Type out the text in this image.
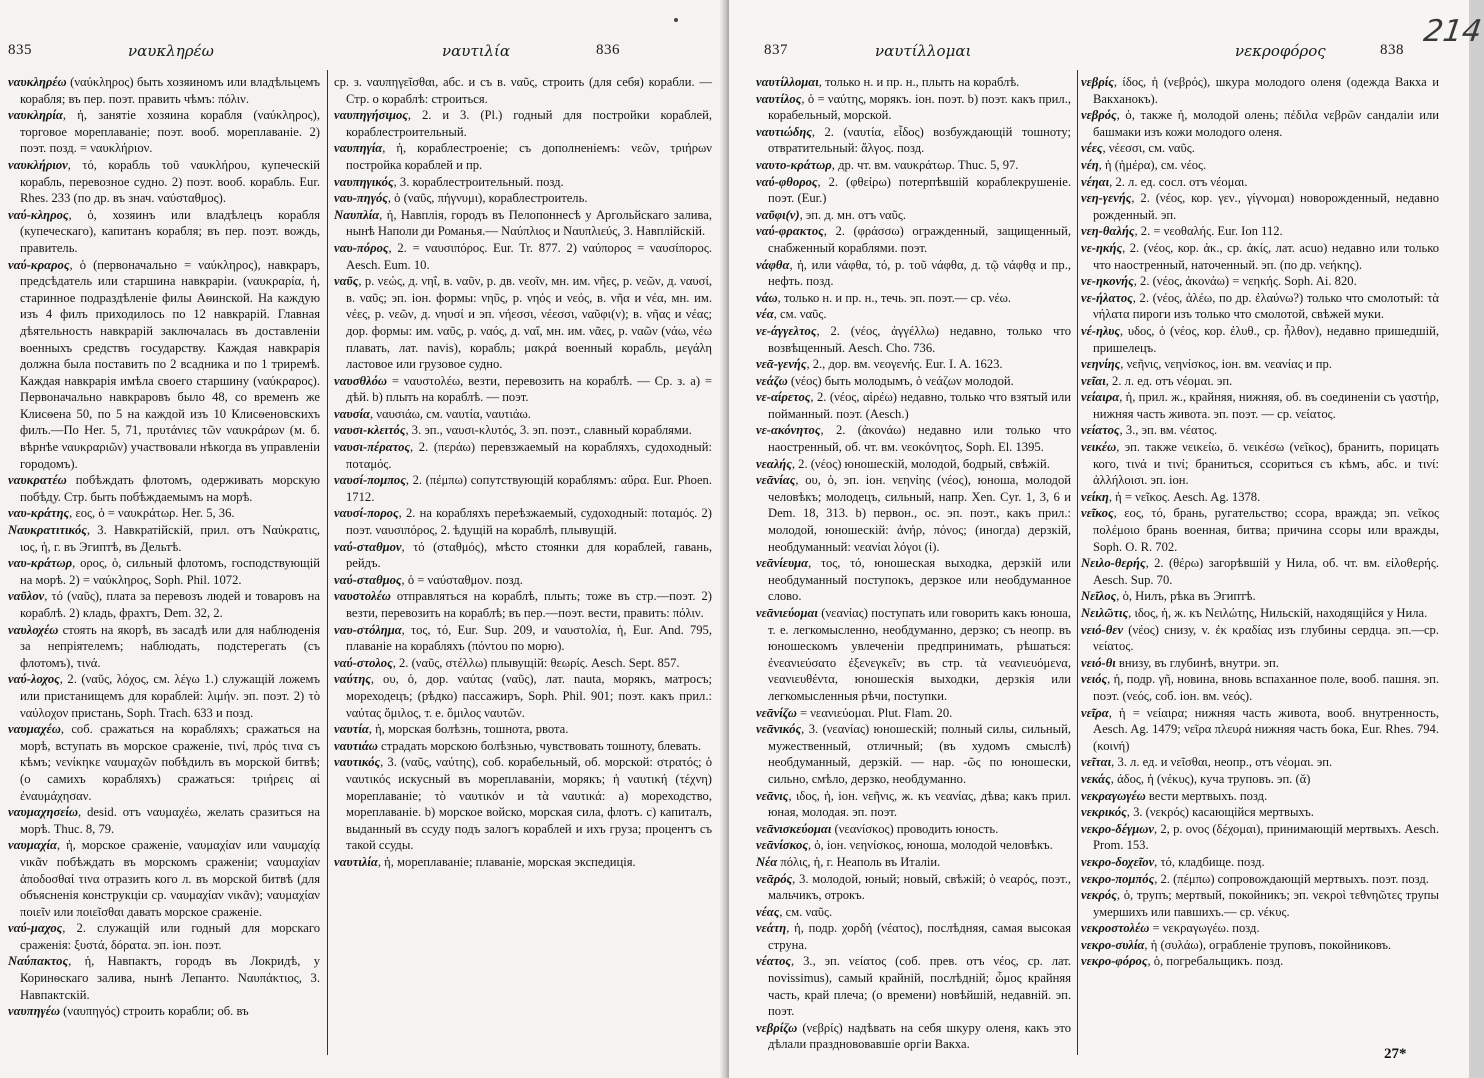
835	ναυκληρέω	ναυτιλία	836

ναυκληρέω (ναύκληρος) быть хозяиномъ или владѣльцемъ корабля; въ пер. поэт. править чѣмъ: πόλιν.

ναυκληρία, ἡ, занятіе хозяина корабля (ναύκληρος), торговое мореплаваніе; поэт. вооб. мореплаваніе. 2) поэт. позд. = ναυκλήριον.

ναυκλήριον, τό, корабль τοῦ ναυκλήρου, купеческій корабль, перевозное судно. 2) поэт. вооб. корабль. Eur. Rhes. 233 (по др. въ знач. ναύσταθμος).

ναύ-κληρος, ὁ, хозяинъ или владѣлецъ корабля (купеческаго), капитанъ корабля; въ пер. поэт. вождь, правитель.

ναύ-κραρος, ὁ (первоначально = ναύκληρος), навкраръ, предсѣдатель или старшина навкраріи. (ναυκραρία, ἡ, старинное подраздѣленіе филы Аѳинской. На каждую изъ 4 филъ приходилось по 12 навкрарій. Главная дѣятельность навкрарій заключалась въ доставленіи военныхъ средствъ государству. Каждая навкрарія должна была поставить по 2 всадника и по 1 триремѣ. Каждая навкрарія имѣла своего старшину (ναύκραρος). Первоначально навкраровъ было 48, со временъ же Клисѳена 50, по 5 на каждой изъ 10 Клисѳеновскихъ филъ.—По Her. 5, 71, πρυτάνιες τῶν ναυκράρων (м. б. вѣрнѣе ναυκραριῶν) участвовали нѣкогда въ управленіи городомъ).

ναυκρατέω побѣждать флотомъ, одерживать морскую побѣду. Стр. быть побѣждаемымъ на морѣ.

ναυ-κράτης, εος, ὁ = ναυκράτωρ. Her. 5, 36.

Ναυκρατιτικός, 3. Навкратійскій, прил. отъ Ναύκρατις, ιος, ἡ, г. въ Эгиптѣ, въ Дельтѣ.

ναυ-κράτωρ, ορος, ὁ, сильный флотомъ, господствующій на морѣ. 2) = ναύκληρος, Soph. Phil. 1072.

ναῦλον, τό (ναῦς), плата за перевозъ людей и товаровъ на кораблѣ. 2) кладь, фрахтъ, Dem. 32, 2.

ναυλοχέω стоять на якорѣ, въ засадѣ или для наблюденія за непріятелемъ; наблюдать, подстерегать (съ флотомъ), τινά.

ναύ-λοχος, 2. (ναῦς, λόχος, см. λέγω 1.) служащій ложемъ или пристанищемъ для кораблей: λιμήν. эп. поэт. 2) τὸ ναύλοχον пристань, Soph. Trach. 633 и позд.

ναυμαχέω, соб. сражаться на корабляхъ; сражаться на морѣ, вступать въ морское сраженіе, τινί, πρός τινα съ кѣмъ; νενίκηκε ναυμαχῶν побѣдилъ въ морской битвѣ; (о самихъ корабляхъ) сражаться: τριήρεις αἱ ἐναυμάχησαν.

ναυμαχησείω, desid. отъ ναυμαχέω, желать сразиться на морѣ. Thuc. 8, 79.

ναυμαχία, ἡ, морское сраженіе, ναυμαχίαν или ναυμαχίᾳ νικᾶν побѣждать въ морскомъ сраженіи; ναυμαχίαν ἀποδοσθαί τινα отразить кого л. въ морской битвѣ (для объясненія конструкціи ср. ναυμαχίαν νικᾶν); ναυμαχίαν ποιεῖν или ποιεῖσθαι давать морское сраженіе.

ναύ-μαχος, 2. служащій или годный для морскаго сраженія: ξυστά, δόρατα. эп. іон. поэт.

Ναύπακτος, ἡ, Навпактъ, городъ въ Локридѣ, у Коринѳскаго залива, нынѣ Лепанто. Ναυπάκτιος, 3. Навпактскій.

ναυπηγέω (ναυπηγός) строить корабли; об. въ

ср. з. ναυπηγεῖσθαι, абс. и съ в. ναῦς, строить (для себя) корабли. — Стр. о кораблѣ: строиться.

ναυπηγήσιμος, 2. и 3. (Pl.) годный для постройки кораблей, кораблестроительный.

ναυπηγία, ἡ, кораблестроеніе; съ дополненіемъ: νεῶν, τριήρων постройка кораблей и пр.

ναυπηγικός, 3. кораблестроительный. позд.

ναυ-πηγός, ὁ (ναῦς, πήγνυμι), кораблестроитель.

Ναυπλία, ἡ, Навплія, городъ въ Пелопоннесѣ у Аргольйскаго залива, нынѣ Наполи ди Романья.— Ναύπλιος и Ναυπλιεύς, 3. Навплійскій.

ναυ-πόρος, 2. = ναυσιπόρος. Eur. Tr. 877. 2) ναύπορος = ναυσίπορος. Aesch. Eum. 10.

ναῦς, р. νεώς, д. νηΐ, в. ναῦν, р. дв. νεοῖν, мн. им. νῆες, р. νεῶν, д. ναυσί, в. ναῦς; эп. іон. формы: νηῦς, р. νηός и νεός, в. νῆα и νέα, мн. им. νέες, р. νεῶν, д. νηυσί и эп. νήεσσι, νέεσσι, ναῦφι(ν); в. νῆας и νέας; дор. формы: им. ναῦς, р. ναός, д. ναΐ, мн. им. νᾶες, р. ναῶν (νάω, νέω плавать, лат. navis), корабль; μακρά военный корабль, μεγάλη ластовое или грузовое судно.

ναυσθλόω = ναυστολέω, везти, перевозить на кораблѣ. — Ср. з. a) = дѣй. b) плыть на кораблѣ. — поэт.

ναυσία, ναυσιάω, см. ναυτία, ναυτιάω.

ναυσι-κλειτός, 3. эп., ναυσι-κλυτός, 3. эп. поэт., славный кораблями.

ναυσι-πέρατος, 2. (περάω) перевзжаемый на корабляхъ, судоходный: ποταμός.

ναυσί-πομπος, 2. (πέμπω) сопутствующій кораблямъ: αὔρα. Eur. Phoen. 1712.

ναυσί-πορος, 2. на корабляхъ переѣзжаемый, судоходный: ποταμός. 2) поэт. ναυσιπόρος, 2. ѣдущій на кораблѣ, плывущій.

ναύ-σταθμον, τό (σταθμός), мѣсто стоянки для кораблей, гавань, рейдъ.

ναύ-σταθμος, ὁ = ναύσταθμον. позд.

ναυστολέω отправляться на кораблѣ, плыть; тоже въ стр.—поэт. 2) везти, перевозить на кораблѣ; въ пер.—поэт. вести, править: πόλιν.

ναυ-στόλημα, τος, τό, Eur. Sup. 209, и ναυστολία, ἡ, Eur. And. 795, плаваніе на корабляхъ (πόντου по морю).

ναύ-στολος, 2. (ναῦς, στέλλω) плывущій: θεωρίς. Aesch. Sept. 857.

ναύτης, ου, ὁ, дор. ναύτας (ναῦς), лат. nauta, морякъ, матросъ; мореходецъ; (рѣдко) пассажиръ, Soph. Phil. 901; поэт. какъ прил.: ναύτας ὅμιλος, т. е. ὅμιλος ναυτῶν.

ναυτία, ἡ, морская болѣзнь, тошнота, рвота.

ναυτιάω страдать морскою болѣзнью, чувствовать тошноту, блевать.

ναυτικός, 3. (ναῦς, ναύτης), соб. корабельный, об. морской: στρατός; ὁ ναυτικός искусный въ мореплаваніи, морякъ; ἡ ναυτική (τέχνη) мореплаваніе; τὸ ναυτικόν и τὰ ναυτικά: a) мореходство, мореплаваніе. b) морское войско, морская сила, флотъ. c) капиталъ, выданный въ ссуду подъ залогъ кораблей и ихъ груза; процентъ съ такой ссуды.

ναυτιλία, ἡ, мореплаваніе; плаваніе, морская экспедиція.

837	ναυτίλλομαι	νεκροφόρος	838

ναυτίλλομαι, только н. и пр. н., плыть на кораблѣ.

ναυτίλος, ὁ = ναύτης, морякъ. іон. поэт. b) поэт. какъ прил., корабельный, морской.

ναυτιώδης, 2. (ναυτία, εἶδος) возбуждающій тошноту; отвратительный: ἄλγος. позд.

ναυτο-κράτωρ, др. чт. вм. ναυκράτωρ. Thuc. 5, 97.

ναύ-φθορος, 2. (φθείρω) потерпѣвшій кораблекрушеніе. поэт. (Eur.)

ναῦφι(ν), эп. д. мн. отъ ναῦς.

ναύ-φρακτος, 2. (φράσσω) огражденный, защищенный, снабженный кораблями. поэт.

νάφθα, ἡ, или νάφθα, τό, р. τοῦ νάφθα, д. τῷ νάφθᾳ и пр., нефть. позд.

νάω, только н. и пр. н., течь. эп. поэт.— ср. νέω.

νέα, см. ναῦς.

νε-άγγελτος, 2. (νέος, ἀγγέλλω) недавно, только что возвѣщенный. Aesch. Cho. 736.

νεᾱ-γενής, 2., дор. вм. νεογενής. Eur. I. A. 1623.

νεάζω (νέος) быть молодымъ, ὁ νεάζων молодой.

νε-αίρετος, 2. (νέος, αἱρέω) недавно, только что взятый или пойманный. поэт. (Aesch.)

νε-ακόνητος, 2. (ἀκονάω) недавно или только что наостренный, об. чт. вм. νεοκόνητος, Soph. El. 1395.

νεαλής, 2. (νέος) юношескій, молодой, бодрый, свѣжій.

νεᾱνίας, ου, ὁ, эп. іон. νεηνίης (νέος), юноша, молодой человѣкъ; молодецъ, сильный, напр. Xen. Cyr. 1, 3, 6 и Dem. 18, 313. b) первон., ос. эп. поэт., какъ прил.: молодой, юношескій: ἀνήρ, πόνος; (иногда) дерзкій, необдуманный: νεανίαι λόγοι (ἰ).

νεᾱνίευμα, τος, τό, юношеская выходка, дерзкій или необдуманный поступокъ, дерзкое или необдуманное слово.

νεᾱνιεύομαι (νεανίας) поступать или говорить какъ юноша, т. е. легкомысленно, необдуманно, дерзко; съ неопр. въ юношескомъ увлеченіи предпринимать, рѣшаться: ἐνεανιεύσατο ἐξενεγκεῖν; въ стр. τὰ νεανιευόμενα, νεανιευθέντα, юношескія выходки, дерзкія или легкомысленныя рѣчи, поступки.

νεᾱνίζω = νεανιεύομαι. Plut. Flam. 20.

νεᾱνικός, 3. (νεανίας) юношескій; полный силы, сильный, мужественный, отличный; (въ худомъ смыслѣ) необдуманный, дерзкій. — нар. -ῶς по юношески, сильно, смѣло, дерзко, необдуманно.

νεᾱνις, ιδος, ἡ, іон. νεῆνις, ж. къ νεανίας, дѣва; какъ прил. юная, молодая. эп. поэт.

νεᾱνισκεύομαι (νεανίσκος) проводить юность.

νεᾱνίσκος, ὁ, іон. νεηνίσκος, юноша, молодой человѣкъ.

Νέα πόλις, ἡ, г. Неаполь въ Италіи.

νεᾱρός, 3. молодой, юный; новый, свѣжій; ὁ νεαρός, поэт., мальчикъ, отрокъ.

νέας, см. ναῦς.

νεάτη, ἡ, подр. χορδή (νέατος), послѣдняя, самая высокая струна.

νέατος, 3., эп. νείατος (соб. прев. отъ νέος, ср. лат. novissimus), самый крайній, послѣдній; ὦμος крайняя часть, край плеча; (о времени) новѣйшій, недавній. эп. поэт.

νεβρίζω (νεβρίς) надѣвать на себя шкуру оленя, какъ это дѣлали празднововавшіе оргіи Вакха.

νεβρίς, ίδος, ἡ (νεβρός), шкура молодого оленя (одежда Вакха и Вакханокъ).

νεβρός, ὁ, также ἡ, молодой олень; πέδιλα νεβρῶν сандаліи или башмаки изъ кожи молодого оленя.

νέες, νέεσσι, см. ναῦς.

νέη, ἡ (ἡμέρα), см. νέος.

νέηαι, 2. л. ед. сосл. отъ νέομαι.

νεη-γενής, 2. (νέος, кор. γεν., γίγνομαι) новорожденный, недавно рожденный. эп.

νεη-θαλής, 2. = νεοθαλής. Eur. Ion 112.

νε-ηκής, 2. (νέος, кор. ἀκ., ср. ἀκίς, лат. acuo) недавно или только что наостренный, наточенный. эп. (по др. νεήκης).

νε-ηκονής, 2. (νέος, ἀκονάω) = νεηκής. Soph. Ai. 820.

νε-ήλατος, 2. (νέος, ἀλέω, по др. ἐλαύνω?) только что смолотый: τὰ νήλατα пироги изъ только что смолотой, свѣжей муки.

νέ-ηλυς, υδος, ὁ (νέος, кор. ἐλυθ., ср. ἦλθον), недавно пришедшій, пришелецъ.

νεηνίης, νεῆνις, νεηνίσκος, іон. вм. νεανίας и пр.

νεῖαι, 2. л. ед. отъ νέομαι. эп.

νείαιρα, ἡ, прил. ж., крайняя, нижняя, об. въ соединеніи съ γαστήρ, нижняя часть живота. эп. поэт. — ср. νείατος.

νείατος, 3., эп. вм. νέατος.

νεικέω, эп. также νεικείω, ō. νεικέσω (νεῖκος), бранить, порицать кого, τινά и τινί; браниться, ссориться съ кѣмъ, абс. и τινί: ἀλλήλοισι. эп. іон.

νείκη, ἡ = νεῖκος. Aesch. Ag. 1378.

νεῖκος, εος, τό, брань, ругательство; ссора, вражда; эп. νεῖκος πολέμοιο брань военная, битва; причина ссоры или вражды, Soph. O. R. 702.

Νειλο-θερής, 2. (θέρω) загорѣвшій у Нила, об. чт. вм. εἰλοθερής. Aesch. Sup. 70.

Νεῖλος, ὁ, Нилъ, рѣка въ Эгиптѣ.

Νειλῶτις, ιδος, ἡ, ж. къ Νειλώτης, Нильскій, находящійся у Нила.

νειό-θεν (νέος) снизу, v. ἐκ κραδίας изъ глубины сердца. эп.—ср. νείατος.

νειό-θι внизу, въ глубинѣ, внутри. эп.

νειός, ἡ, подр. γῆ, новина, вновь вспаханное поле, вооб. пашня. эп. поэт. (νεός, соб. іон. вм. νεός).

νεῖρα, ἡ = νείαιρα; нижняя часть живота, вооб. внутренность, Aesch. Ag. 1479; νεῖρα πλευρά нижняя часть бока, Eur. Rhes. 794. (κοινή)

νεῖται, 3. л. ед. и νεῖσθαι, неопр., отъ νέομαι. эп.

νεκάς, άδος, ἡ (νέκυς), куча труповъ. эп. (ᾰ)

νεκραγωγέω вести мертвыхъ. позд.

νεκρικός, 3. (νεκρός) касающійся мертвыхъ.

νεκρο-δέγμων, 2, р. ονος (δέχομαι), принимающій мертвыхъ. Aesch. Prom. 153.

νεκρο-δοχεῖον, τό, кладбище. позд.

νεκρο-πομπός, 2. (πέμπω) сопровождающій мертвыхъ. поэт. позд.

νεκρός, ὁ, трупъ; мертвый, покойникъ; эп. νεκροὶ τεθνηῶτες трупы умершихъ или павшихъ.— ср. νέκυς.

νεκροστολέω = νεκραγωγέω. позд.

νεκρο-συλία, ἡ (συλάω), ограбленіе труповъ, покойниковъ.

νεκρο-φόρος, ὁ, погребальщикъ. позд.

27*
214
